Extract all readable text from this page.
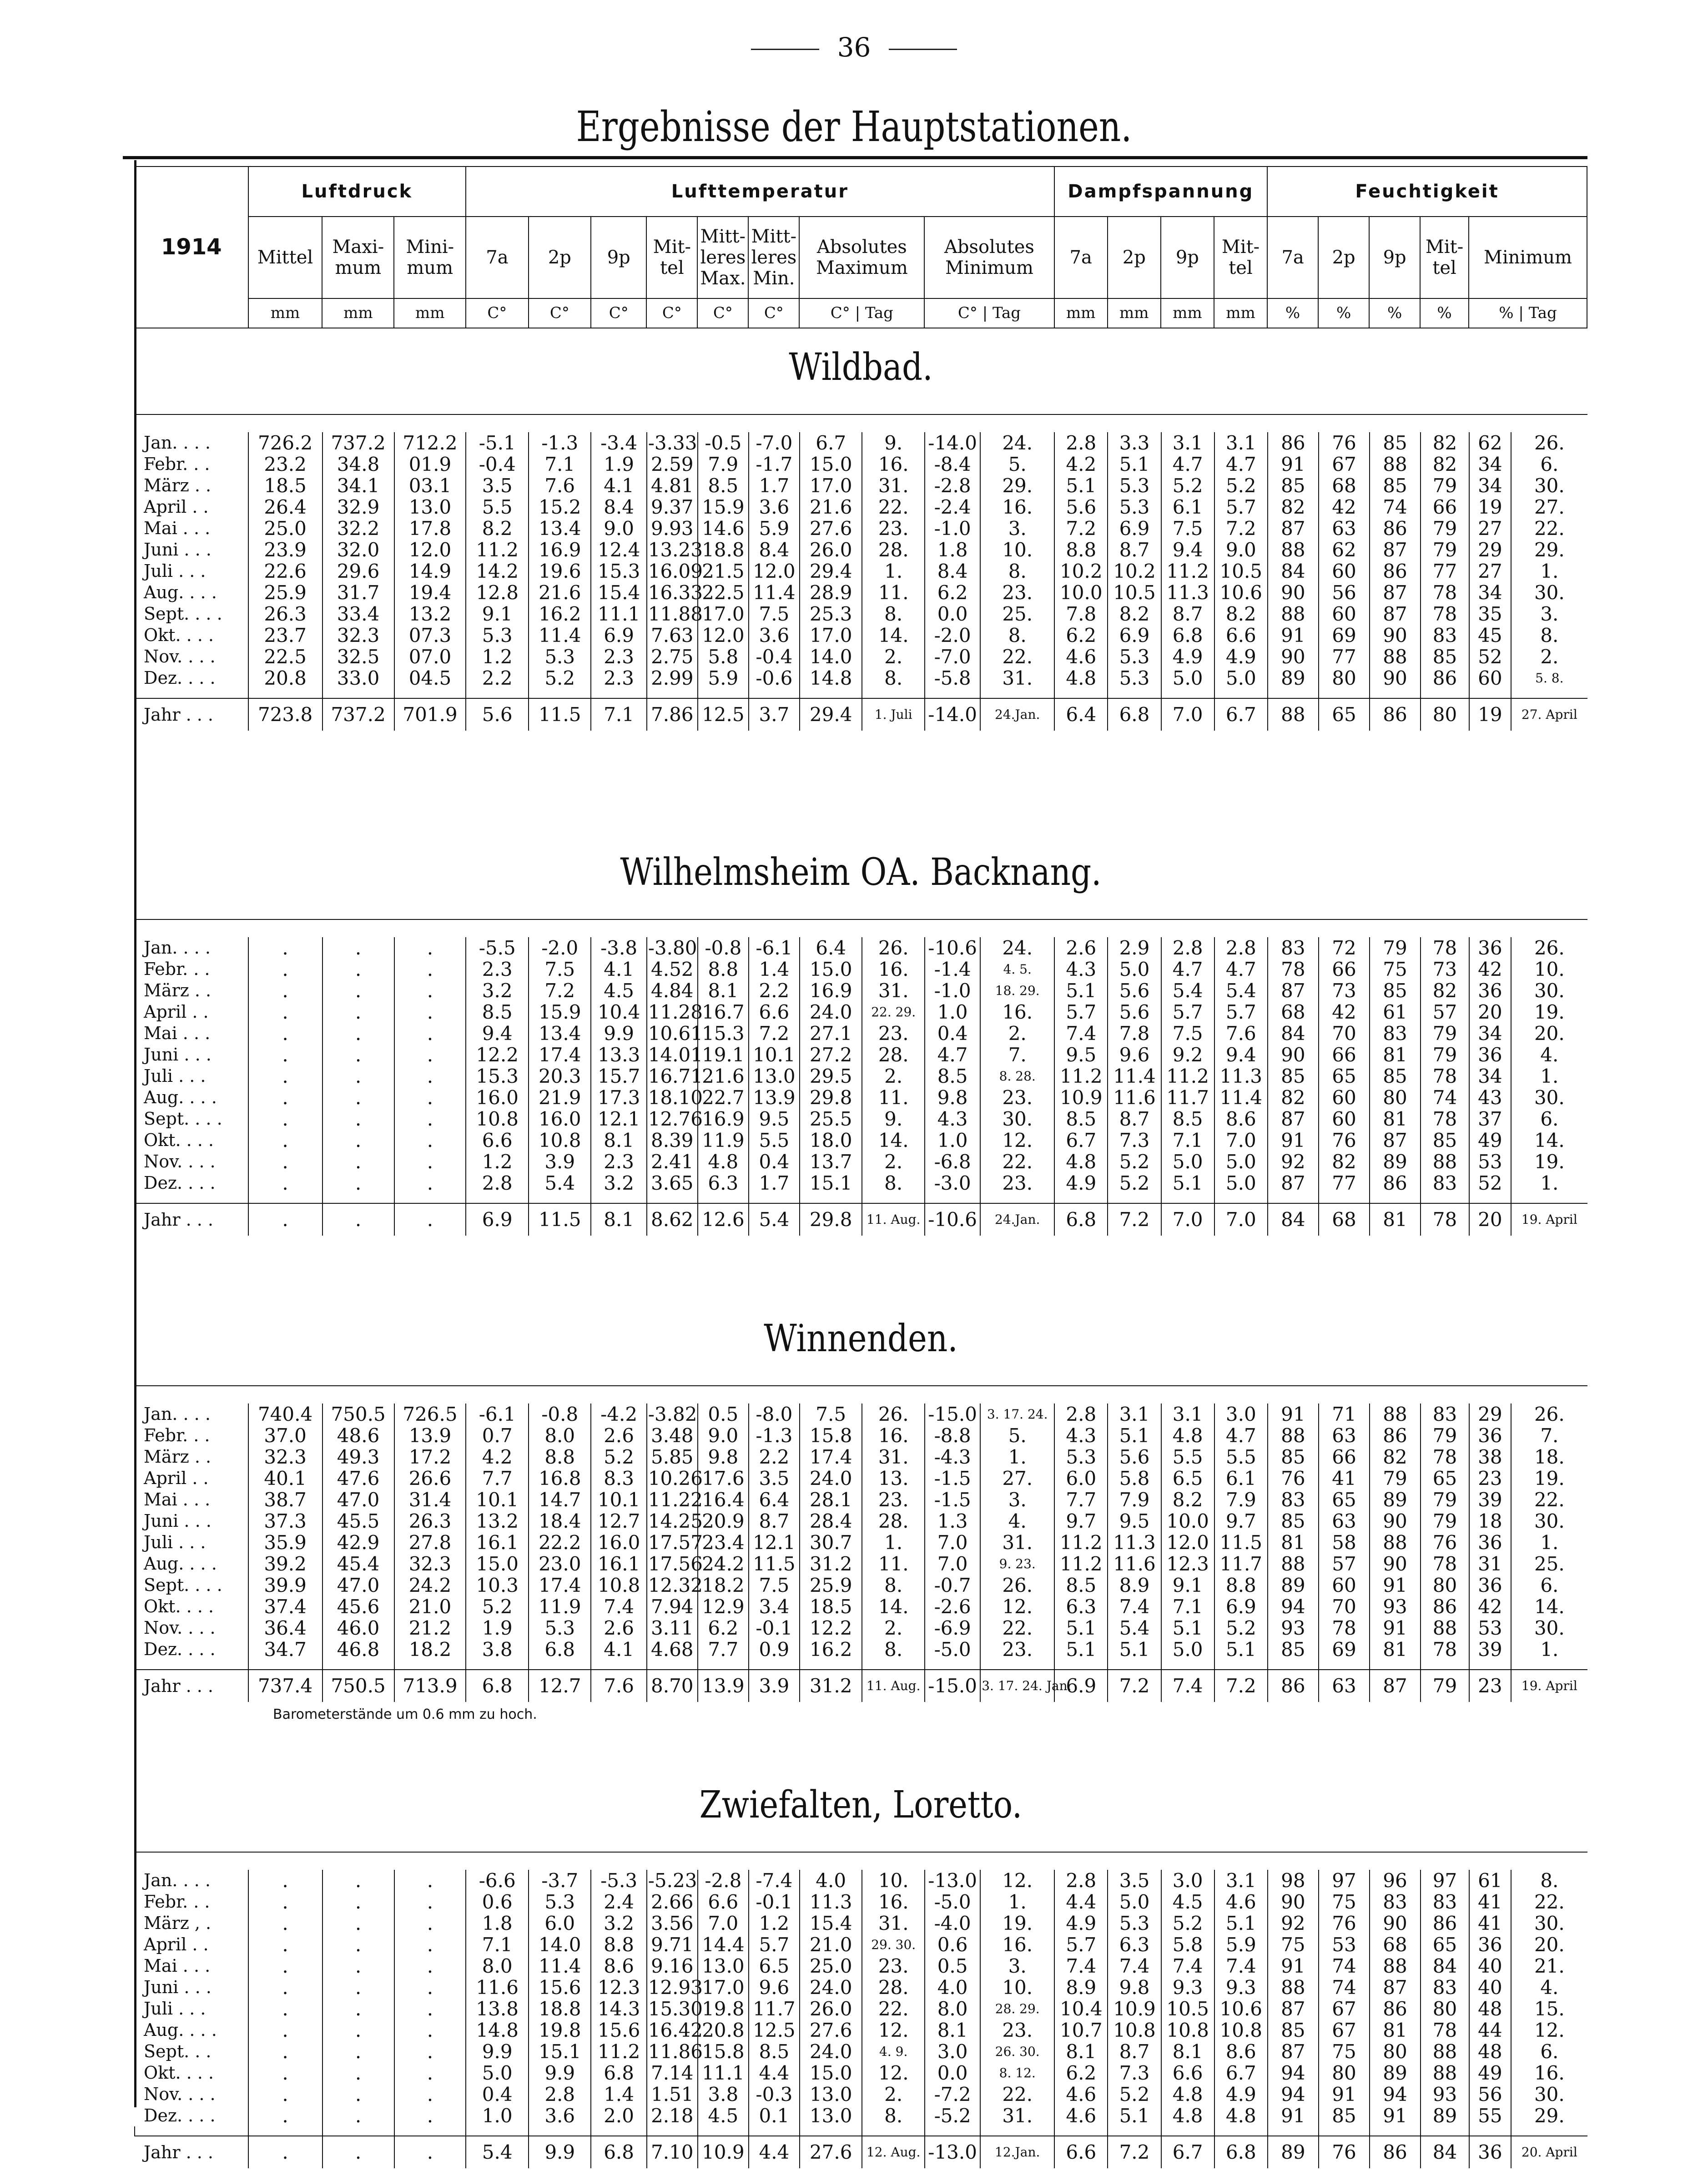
36
Ergebnisse der Hauptstationen.
1914	Luftdruck			Lufttemperatur								Dampfspannung				Feuchtigkeit				
	Mittel	Maxi-mum	Mini-mum	7a	2p	9p	Mit-tel	Mitt-leres Max.	Mitt-leres Min.	Absolutes Maximum	Absolutes Minimum	7a	2p	9p	Mit-tel	7a	2p	9p	Mit-tel	Minimum
	mm	mm	mm	C°	C°	C°	C°	C°	C°	C° | Tag	C° | Tag	mm	mm	mm	mm	%	%	%	%	% | Tag
Wildbad.
Jan. . . .	726.2	737.2	712.2	-5.1	-1.3	-3.4	-3.33	-0.5	-7.0	6.7	9.	-14.0	24.	2.8	3.3	3.1	3.1	86	76	85	82	62	26.
Febr. . .	23.2	34.8	01.9	-0.4	7.1	1.9	2.59	7.9	-1.7	15.0	16.	-8.4	5.	4.2	5.1	4.7	4.7	91	67	88	82	34	6.
März . .	18.5	34.1	03.1	3.5	7.6	4.1	4.81	8.5	1.7	17.0	31.	-2.8	29.	5.1	5.3	5.2	5.2	85	68	85	79	34	30.
April . .	26.4	32.9	13.0	5.5	15.2	8.4	9.37	15.9	3.6	21.6	22.	-2.4	16.	5.6	5.3	6.1	5.7	82	42	74	66	19	27.
Mai . . .	25.0	32.2	17.8	8.2	13.4	9.0	9.93	14.6	5.9	27.6	23.	-1.0	3.	7.2	6.9	7.5	7.2	87	63	86	79	27	22.
Juni . . .	23.9	32.0	12.0	11.2	16.9	12.4	13.23	18.8	8.4	26.0	28.	1.8	10.	8.8	8.7	9.4	9.0	88	62	87	79	29	29.
Juli . . .	22.6	29.6	14.9	14.2	19.6	15.3	16.09	21.5	12.0	29.4	1.	8.4	8.	10.2	10.2	11.2	10.5	84	60	86	77	27	1.
Aug. . . .	25.9	31.7	19.4	12.8	21.6	15.4	16.33	22.5	11.4	28.9	11.	6.2	23.	10.0	10.5	11.3	10.6	90	56	87	78	34	30.
Sept. . . .	26.3	33.4	13.2	9.1	16.2	11.1	11.88	17.0	7.5	25.3	8.	0.0	25.	7.8	8.2	8.7	8.2	88	60	87	78	35	3.
Okt. . . .	23.7	32.3	07.3	5.3	11.4	6.9	7.63	12.0	3.6	17.0	14.	-2.0	8.	6.2	6.9	6.8	6.6	91	69	90	83	45	8.
Nov. . . .	22.5	32.5	07.0	1.2	5.3	2.3	2.75	5.8	-0.4	14.0	2.	-7.0	22.	4.6	5.3	4.9	4.9	90	77	88	85	52	2.
Dez. . . .	20.8	33.0	04.5	2.2	5.2	2.3	2.99	5.9	-0.6	14.8	8.	-5.8	31.	4.8	5.3	5.0	5.0	89	80	90	86	60	5. 8.

Jahr . . .	723.8	737.2	701.9	5.6	11.5	7.1	7.86	12.5	3.7	29.4	1. Juli	-14.0	24.Jan.	6.4	6.8	7.0	6.7	88	65	86	80	19	27. April
Wilhelmsheim OA. Backnang.
Jan. . . .	.	.	.	-5.5	-2.0	-3.8	-3.80	-0.8	-6.1	6.4	26.	-10.6	24.	2.6	2.9	2.8	2.8	83	72	79	78	36	26.
Febr. . .	.	.	.	2.3	7.5	4.1	4.52	8.8	1.4	15.0	16.	-1.4	4. 5.	4.3	5.0	4.7	4.7	78	66	75	73	42	10.
März . .	.	.	.	3.2	7.2	4.5	4.84	8.1	2.2	16.9	31.	-1.0	18. 29.	5.1	5.6	5.4	5.4	87	73	85	82	36	30.
April . .	.	.	.	8.5	15.9	10.4	11.28	16.7	6.6	24.0	22. 29.	1.0	16.	5.7	5.6	5.7	5.7	68	42	61	57	20	19.
Mai . . .	.	.	.	9.4	13.4	9.9	10.61	15.3	7.2	27.1	23.	0.4	2.	7.4	7.8	7.5	7.6	84	70	83	79	34	20.
Juni . . .	.	.	.	12.2	17.4	13.3	14.01	19.1	10.1	27.2	28.	4.7	7.	9.5	9.6	9.2	9.4	90	66	81	79	36	4.
Juli . . .	.	.	.	15.3	20.3	15.7	16.71	21.6	13.0	29.5	2.	8.5	8. 28.	11.2	11.4	11.2	11.3	85	65	85	78	34	1.
Aug. . . .	.	.	.	16.0	21.9	17.3	18.10	22.7	13.9	29.8	11.	9.8	23.	10.9	11.6	11.7	11.4	82	60	80	74	43	30.
Sept. . . .	.	.	.	10.8	16.0	12.1	12.76	16.9	9.5	25.5	9.	4.3	30.	8.5	8.7	8.5	8.6	87	60	81	78	37	6.
Okt. . . .	.	.	.	6.6	10.8	8.1	8.39	11.9	5.5	18.0	14.	1.0	12.	6.7	7.3	7.1	7.0	91	76	87	85	49	14.
Nov. . . .	.	.	.	1.2	3.9	2.3	2.41	4.8	0.4	13.7	2.	-6.8	22.	4.8	5.2	5.0	5.0	92	82	89	88	53	19.
Dez. . . .	.	.	.	2.8	5.4	3.2	3.65	6.3	1.7	15.1	8.	-3.0	23.	4.9	5.2	5.1	5.0	87	77	86	83	52	1.

Jahr . . .	.	.	.	6.9	11.5	8.1	8.62	12.6	5.4	29.8	11. Aug.	-10.6	24.Jan.	6.8	7.2	7.0	7.0	84	68	81	78	20	19. April
Winnenden.
Jan. . . .	740.4	750.5	726.5	-6.1	-0.8	-4.2	-3.82	0.5	-8.0	7.5	26.	-15.0	3. 17. 24.	2.8	3.1	3.1	3.0	91	71	88	83	29	26.
Febr. . .	37.0	48.6	13.9	0.7	8.0	2.6	3.48	9.0	-1.3	15.8	16.	-8.8	5.	4.3	5.1	4.8	4.7	88	63	86	79	36	7.
März . .	32.3	49.3	17.2	4.2	8.8	5.2	5.85	9.8	2.2	17.4	31.	-4.3	1.	5.3	5.6	5.5	5.5	85	66	82	78	38	18.
April . .	40.1	47.6	26.6	7.7	16.8	8.3	10.26	17.6	3.5	24.0	13.	-1.5	27.	6.0	5.8	6.5	6.1	76	41	79	65	23	19.
Mai . . .	38.7	47.0	31.4	10.1	14.7	10.1	11.22	16.4	6.4	28.1	23.	-1.5	3.	7.7	7.9	8.2	7.9	83	65	89	79	39	22.
Juni . . .	37.3	45.5	26.3	13.2	18.4	12.7	14.25	20.9	8.7	28.4	28.	1.3	4.	9.7	9.5	10.0	9.7	85	63	90	79	18	30.
Juli . . .	35.9	42.9	27.8	16.1	22.2	16.0	17.57	23.4	12.1	30.7	1.	7.0	31.	11.2	11.3	12.0	11.5	81	58	88	76	36	1.
Aug. . . .	39.2	45.4	32.3	15.0	23.0	16.1	17.56	24.2	11.5	31.2	11.	7.0	9. 23.	11.2	11.6	12.3	11.7	88	57	90	78	31	25.
Sept. . . .	39.9	47.0	24.2	10.3	17.4	10.8	12.32	18.2	7.5	25.9	8.	-0.7	26.	8.5	8.9	9.1	8.8	89	60	91	80	36	6.
Okt. . . .	37.4	45.6	21.0	5.2	11.9	7.4	7.94	12.9	3.4	18.5	14.	-2.6	12.	6.3	7.4	7.1	6.9	94	70	93	86	42	14.
Nov. . . .	36.4	46.0	21.2	1.9	5.3	2.6	3.11	6.2	-0.1	12.2	2.	-6.9	22.	5.1	5.4	5.1	5.2	93	78	91	88	53	30.
Dez. . . .	34.7	46.8	18.2	3.8	6.8	4.1	4.68	7.7	0.9	16.2	8.	-5.0	23.	5.1	5.1	5.0	5.1	85	69	81	78	39	1.

Jahr . . .	737.4	750.5	713.9	6.8	12.7	7.6	8.70	13.9	3.9	31.2	11. Aug.	-15.0	3. 17. 24. Jan.	6.9	7.2	7.4	7.2	86	63	87	79	23	19. April
Barometerstände um 0.6 mm zu hoch.
Zwiefalten, Loretto.
Jan. . . .	.	.	.	-6.6	-3.7	-5.3	-5.23	-2.8	-7.4	4.0	10.	-13.0	12.	2.8	3.5	3.0	3.1	98	97	96	97	61	8.
Febr. . .	.	.	.	0.6	5.3	2.4	2.66	6.6	-0.1	11.3	16.	-5.0	1.	4.4	5.0	4.5	4.6	90	75	83	83	41	22.
März , .	.	.	.	1.8	6.0	3.2	3.56	7.0	1.2	15.4	31.	-4.0	19.	4.9	5.3	5.2	5.1	92	76	90	86	41	30.
April . .	.	.	.	7.1	14.0	8.8	9.71	14.4	5.7	21.0	29. 30.	0.6	16.	5.7	6.3	5.8	5.9	75	53	68	65	36	20.
Mai . . .	.	.	.	8.0	11.4	8.6	9.16	13.0	6.5	25.0	23.	0.5	3.	7.4	7.4	7.4	7.4	91	74	88	84	40	21.
Juni . . .	.	.	.	11.6	15.6	12.3	12.93	17.0	9.6	24.0	28.	4.0	10.	8.9	9.8	9.3	9.3	88	74	87	83	40	4.
Juli . . .	.	.	.	13.8	18.8	14.3	15.30	19.8	11.7	26.0	22.	8.0	28. 29.	10.4	10.9	10.5	10.6	87	67	86	80	48	15.
Aug. . . .	.	.	.	14.8	19.8	15.6	16.42	20.8	12.5	27.6	12.	8.1	23.	10.7	10.8	10.8	10.8	85	67	81	78	44	12.
Sept. . .	.	.	.	9.9	15.1	11.2	11.86	15.8	8.5	24.0	4. 9.	3.0	26. 30.	8.1	8.7	8.1	8.6	87	75	80	88	48	6.
Okt. . . .	.	.	.	5.0	9.9	6.8	7.14	11.1	4.4	15.0	12.	0.0	8. 12.	6.2	7.3	6.6	6.7	94	80	89	88	49	16.
Nov. . . .	.	.	.	0.4	2.8	1.4	1.51	3.8	-0.3	13.0	2.	-7.2	22.	4.6	5.2	4.8	4.9	94	91	94	93	56	30.
Dez. . . .	.	.	.	1.0	3.6	2.0	2.18	4.5	0.1	13.0	8.	-5.2	31.	4.6	5.1	4.8	4.8	91	85	91	89	55	29.

Jahr . . .	.	.	.	5.4	9.9	6.8	7.10	10.9	4.4	27.6	12. Aug.	-13.0	12.Jan.	6.6	7.2	6.7	6.8	89	76	86	84	36	20. April
